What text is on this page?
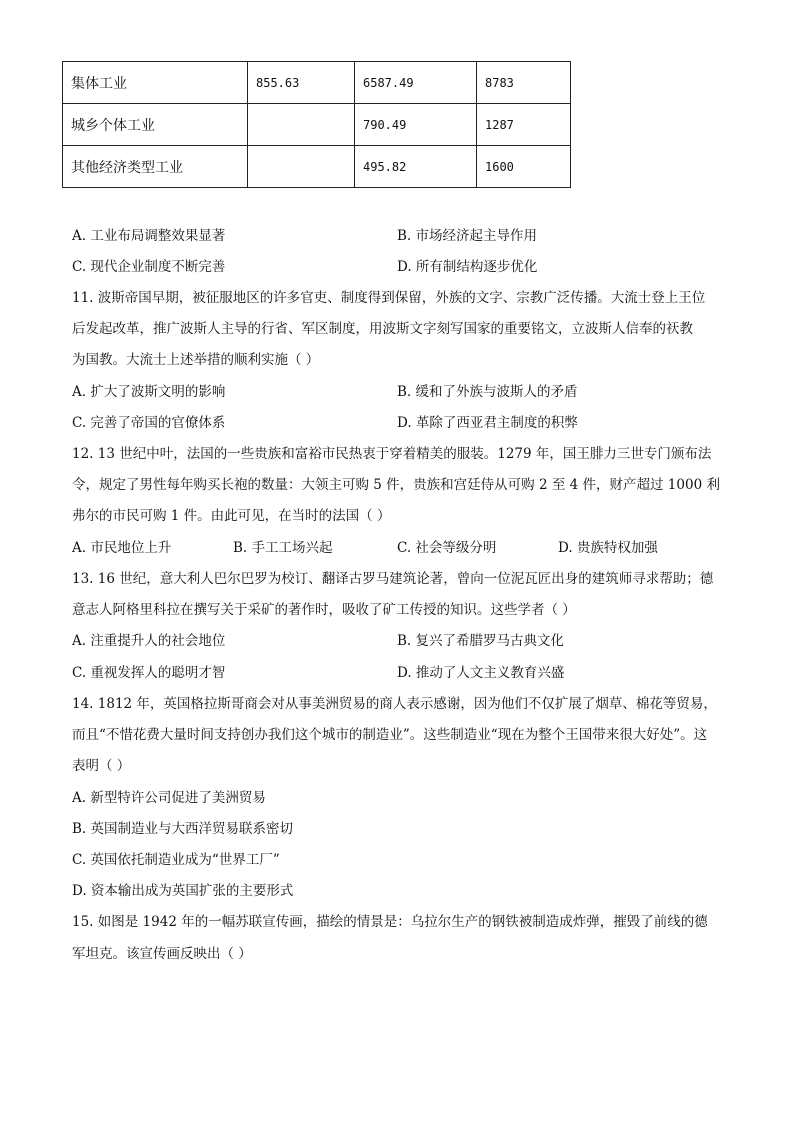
集体工业	855.63	6587.49	8783
城乡个体工业		790.49	1287
其他经济类型工业		495.82	1600
A. 工业布局调整效果显著	B. 市场经济起主导作用
C. 现代企业制度不断完善	D. 所有制结构逐步优化
11. 波斯帝国早期，被征服地区的许多官吏、制度得到保留，外族的文字、宗教广泛传播。大流士登上王位
后发起改革，推广波斯人主导的行省、军区制度，用波斯文字刻写国家的重要铭文，立波斯人信奉的祆教
为国教。大流士上述举措的顺利实施（ ）
A. 扩大了波斯文明的影响	B. 缓和了外族与波斯人的矛盾
C. 完善了帝国的官僚体系	D. 革除了西亚君主制度的积弊
12. 13 世纪中叶，法国的一些贵族和富裕市民热衷于穿着精美的服装。1279 年，国王腓力三世专门颁布法
令，规定了男性每年购买长袍的数量：大领主可购 5 件，贵族和宫廷侍从可购 2 至 4 件，财产超过 1000 利
弗尔的市民可购 1 件。由此可见，在当时的法国（ ）
A. 市民地位上升	B. 手工工场兴起	C. 社会等级分明	D. 贵族特权加强
13. 16 世纪，意大利人巴尔巴罗为校订、翻译古罗马建筑论著，曾向一位泥瓦匠出身的建筑师寻求帮助；德
意志人阿格里科拉在撰写关于采矿的著作时，吸收了矿工传授的知识。这些学者（ ）
A. 注重提升人的社会地位	B. 复兴了希腊罗马古典文化
C. 重视发挥人的聪明才智	D. 推动了人文主义教育兴盛
14. 1812 年，英国格拉斯哥商会对从事美洲贸易的商人表示感谢，因为他们不仅扩展了烟草、棉花等贸易，
而且“不惜花费大量时间支持创办我们这个城市的制造业”。这些制造业“现在为整个王国带来很大好处”。这
表明（ ）
A. 新型特许公司促进了美洲贸易
B. 英国制造业与大西洋贸易联系密切
C. 英国依托制造业成为“世界工厂”
D. 资本输出成为英国扩张的主要形式
15. 如图是 1942 年的一幅苏联宣传画，描绘的情景是：乌拉尔生产的钢铁被制造成炸弹，摧毁了前线的德
军坦克。该宣传画反映出（ ）
